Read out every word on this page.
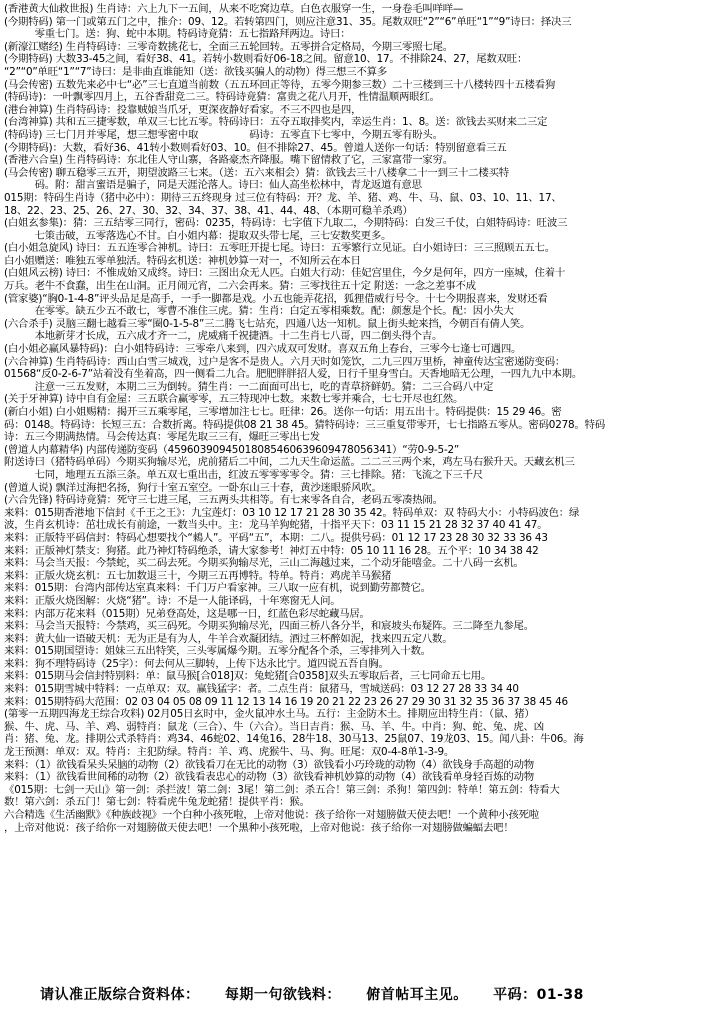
(香港黄大仙救世报) 生肖诗：六上九下一五间，从来不吃窝边草。白色衣服穿一生，一身卷毛叫咩咩—
(今期特码) 第一门或第五门之中，推介：09、12。若转第四门，则应注意31、35。尾数双旺“2”“6”单旺“1”“9”诗曰：择决三
　　　零重七门。送：狗、蛇中本期。特码诗竟猜：五七指路拜两边。诗曰：
(新濠江赌经) 生肖特码诗：三零奇数挑花七，全面三五轮回转。五零拼合定格局，今期三零照七尾。
(今期特码) 大数33-45之间，看好38、41。若转小数则看好06-18之间。留意10、17。不排除24、27，尾数双旺：
“2”“0”单旺“1”“7”诗曰：是非曲直谁能知（送：欲钱买骗人的动物）得三想三不算多
(马会传密) 五数先来必中七“必”三七直道当前数（五五环回正等待，五零今期参三数）二十三楼到三十八楼转四十五楼看狗
(特码诗)：一叶飘零四月上，五谷香甜竞二三。特码诗竟猜：富贵之花八月开，性情温顺两眼红。
(港台神算) 生肖特码诗：投靠贼娘当爪牙，更深夜静好看家。不三不四也是四，
(台湾神算) 共和五三捷零数，单双三七比五零。特码诗曰：五夺五取排奖内，幸运生肖：1、8。送：欲钱去买财来二三定
(特码诗) 三七门月并零尾，想三想零密中取　　　　　码诗：五零直下七零中，今期五零有盼头。
(今期特码)：大数，看好36、41转小数则看好03、10。但不排除27、45。曾道人送你一句话：特别留意看三五
(香港六合皇) 生肖特码诗：东北佳人守山寨，各路豪杰齐降服。嘴下留情救了它，三家富带一家穷。
(马会传密) 聊五稳零三五开，期望波路三七来。（送：五六来相会）猜：欲钱去三十八楼拿二十一到三十二楼买特
　　　码。附：甜言蜜语是骗子，同是天涯沦落人。诗曰：仙人高坐松林中，青龙返道有意思
015期：特码生肖诗（猪中必中）：期待三五终现身 过三位有特码：开？龙、羊、猪、鸡、牛、马、鼠、03、10、11、17、
18、22、23、25、26、27、30、32、34、37、38、41、44、48、（本期可稳羊杀鸡）
(白姐玄参集)：猜：三五结零三同行，密码：0235，特码诗：七字值下九取二，今期特码：白发三千仗，白姐特码诗：旺波三
　　　七策击破，五零落选心不甘。白小姐内幕：提取双头带七尾，三七安数奖更多。
(白小姐急旋风) 诗曰：五五连零合神机。诗曰：五零旺开提七尾。诗曰：五零繁行立见证。白小姐诗曰：三三照顾五五七。
白小姐赠送：唯独五零单独活。特码玄机送：神机妙算一对一，不知所云在本日
(白姐风云榜) 诗曰：不惟成始又成终。诗曰：三图出众无人匹。白姐大行动：佳妃宫里住，今夕是何年，四方一座城，住着十
万兵。老牛不食蠢，出生在山洞。正月闹元宵，二六会再来。猜：三零找往五十定 附送：一念之差事不成
(管家婆)“胸0-1-4-8”评头品足是高手，一手一脚都是戏。小五也能弄花招，狐狸借威行号令。十七今期报喜来，发财还看
　　　在零零。缺五少五不敢七，零曹不准住三虎。猜：生肖：白定五零相乘数。配：颜葱是个长。配：因小失大
(六合杀手) 灵脑三翻七越看三零“圈0-1-5-8”三二腾飞七站充，四通八达一知机。鼠上街头蛇来挡，今朝百有倩人笑。
　　　本地新芽才长成，五六成才齐一二，虎威痛千祝捷酒。十二生肖七八哥，四二倒头得个吉。
(白小姐必赢风暴特码)：白小姐特码诗：三零牵八来到，四六成双可发财。喜双五角上春台，三零今七逢七可遇四。
(六合神算) 生肖特码诗：西山白雪三城戏，过户是客不是贵人。六月天时如笼饮，二九三四万里桥，神童传达宝密递防变码：
01568“反0-2-6-7”站着没有坐着高，四一侧看二九合。肥肥胖胖招人爱，日行千里身雪白。天香地暗无公理，一四九九中本期。
　　　注意一三五发财，本期二三为倒转。猜生肖：一二面面可出七，吃的青草挤鲜奶。猜：二三合码八中定
(关于牙神算) 诗中自有金屋：三五联合赢零零，五三特现冲七数。来数七零并乘合，七七开尽也红然。
(新白小姐) 白小姐赐精：揭开三五乘零尾，三零增加注七七。旺律：26。送你一句话：用五出十。特码提供：15 29 46。密
码：0148。特码诗：长短三五：合数折离。特码提供08 21 38 45。猜特码诗：三三重复带零开，七七指路五零从。密码0278。特码
诗：五三今期满热情。马会传达真：零尾先取三三有，爆旺三零出七发
(曾道人内幕精华) 内部传递防变码（45960390945018085460639609478056341）“劳0-9-5-2”
附送诗曰（猪特码单码）今期买狗输尽光，虎前猪后二中间，二九天生命运蓝。二二三三两个来，鸡左马右猴升天。天藏玄机三
　　　七同，地理五五添三条。单五双七重出击，红波五零零零零令。猜：三七排除。猪：飞流之下三千尺
(曾道人说) 飘洋过海把名扬，狗行十室五室空。一卧东山三十春，黄沙迷眼骄风吹。
(六合先锋) 特码诗竟猜：死守三七进三尾，三五两头共相等。有七来零各自合，老码五零凑热闹。
来料：015期香港地下信封《千王之王》：九宝莲灯：03 10 12 17 21 28 30 35 42。特码单双：双 特码大小：小特码波色：绿
波，生肖玄机诗：茁壮成长有前途，一数当头中。主：龙马羊狗蛇猪，十指平天下：03 11 15 21 28 32 37 40 41 47。
来料：正版特平码信封：特码心想要找个“鶆人”。平码“五”，本期：二八。提供号码：01 12 17 23 28 30 32 33 36 43
来料：正版神灯禁支：狗猪。此乃神灯特码绝杀，请大家参考！神灯五中特：05 10 11 16 28。五个平：10 34 38 42
来料：马会当天报：今禁蛇，买二码去死。今期买狗输尽光，三山二海越过来，二个动牙能嘻金。二十八码一玄机。
来料：正版火烧玄机：五七加数退三十，今期三五再博特。特单。特肖：鸡虎羊马猴猪
来料：015期：台湾内部传达室真来料：千门万户看家神。三八取一应有机，说到勤劳都赞它。
来料：正版火烧图解：火烧“猪”。诗：不是一人能译码，十年寒窗无人问。
来料：内部万花来料（015期）兄弟登高处，这是哪一日，红蓝色彩尽蛇藏马居。
来料：马会当天报特：今禁鸡，买三码死。今期买狗输尽光，四面三桥八各分半，和宸坡头布疑阵。三二降至九参尾。
来料：黄大仙一语破天机：无为正是有为人，牛羊合欢凝团结。酒过三杯醉如泥，找来四五定八数。
来料：015期国望诗：姐妹三五出特笑，三头零属爆今期。五零分配各个杀，三零排列入十数。
来料：狗不理特码诗（25字）：何去何从三脚转，上传下达永比宁。道四说五吾自胸。
来料：015期马会信封特别料：单：鼠马猴[合018]双：兔蛇猪[合0358]双头五零取后者，三七同命五七用。
来料：015期雪城中特料：一点单双：双。赢钱猛字：者。二点生肖：鼠猪马，雪城送码：03 12 27 28 33 34 40
来料：015期特码大范围：02 03 04 05 08 09 11 12 13 14 16 19 20 21 22 23 26 27 29 30 31 32 35 36 37 38 45 46
(第零一五期四海龙王综合攻料) 02月05日玄时中，金火鼠冲水土马。五行：主金防木土。排期应出特生肖：（鼠、猪）
猴、牛、虎、马、羊、鸡、弱特肖：鼠龙（三合）、牛（六合）。当日吉肖：猴、马、羊、牛。中肖：狗、蛇、兔、虎、凶
肖：猪、兔、龙。排期公式杀特肖：鸡34、46蛇02、14兔16、28牛18、30马13、25鼠07、19龙03、15。闻八卦：牛06。海
龙王预测：单双：双。特肖：主犯防绿。特肖：羊、鸡、虎猴牛、马、狗。旺尾：双0-4-8单1-3-9。
来料：（1）欲钱看呆头呆脑的动物（2）欲钱看刀在无比的动物（3）欲钱看小巧玲珑的动物（4）欲钱身手高超的动物
来料：（1）欲钱看世间稀的动物（2）欲钱看表忠心的动物（3）欲钱看神机妙算的动物（4）欲钱看单身轻百炼的动物
《015期：七剑一天山》第一剑：杀拦波！第二剑：3尾！第二剑：杀五合！第三剑：杀狗！第四剑：特单！第五剑：特看大
数！第六剑：杀五门！第七剑：特看虎牛兔龙蛇猪！提供平肖：猴。
六合精选《生活幽默》《种族歧视》一个白种小孩死啦，上帝对他说：孩子给你一对翅膀做天使去吧！一个黄种小孩死啦
，上帝对他说：孩子给你一对翅膀做天使去吧！一个黑种小孩死啦，上帝对他说：孩子给你一对翅膀做蝙蝠去吧！
请认准正版综合资料体： 每期一句欲钱料： 俯首帖耳主见。 平码：01-38
